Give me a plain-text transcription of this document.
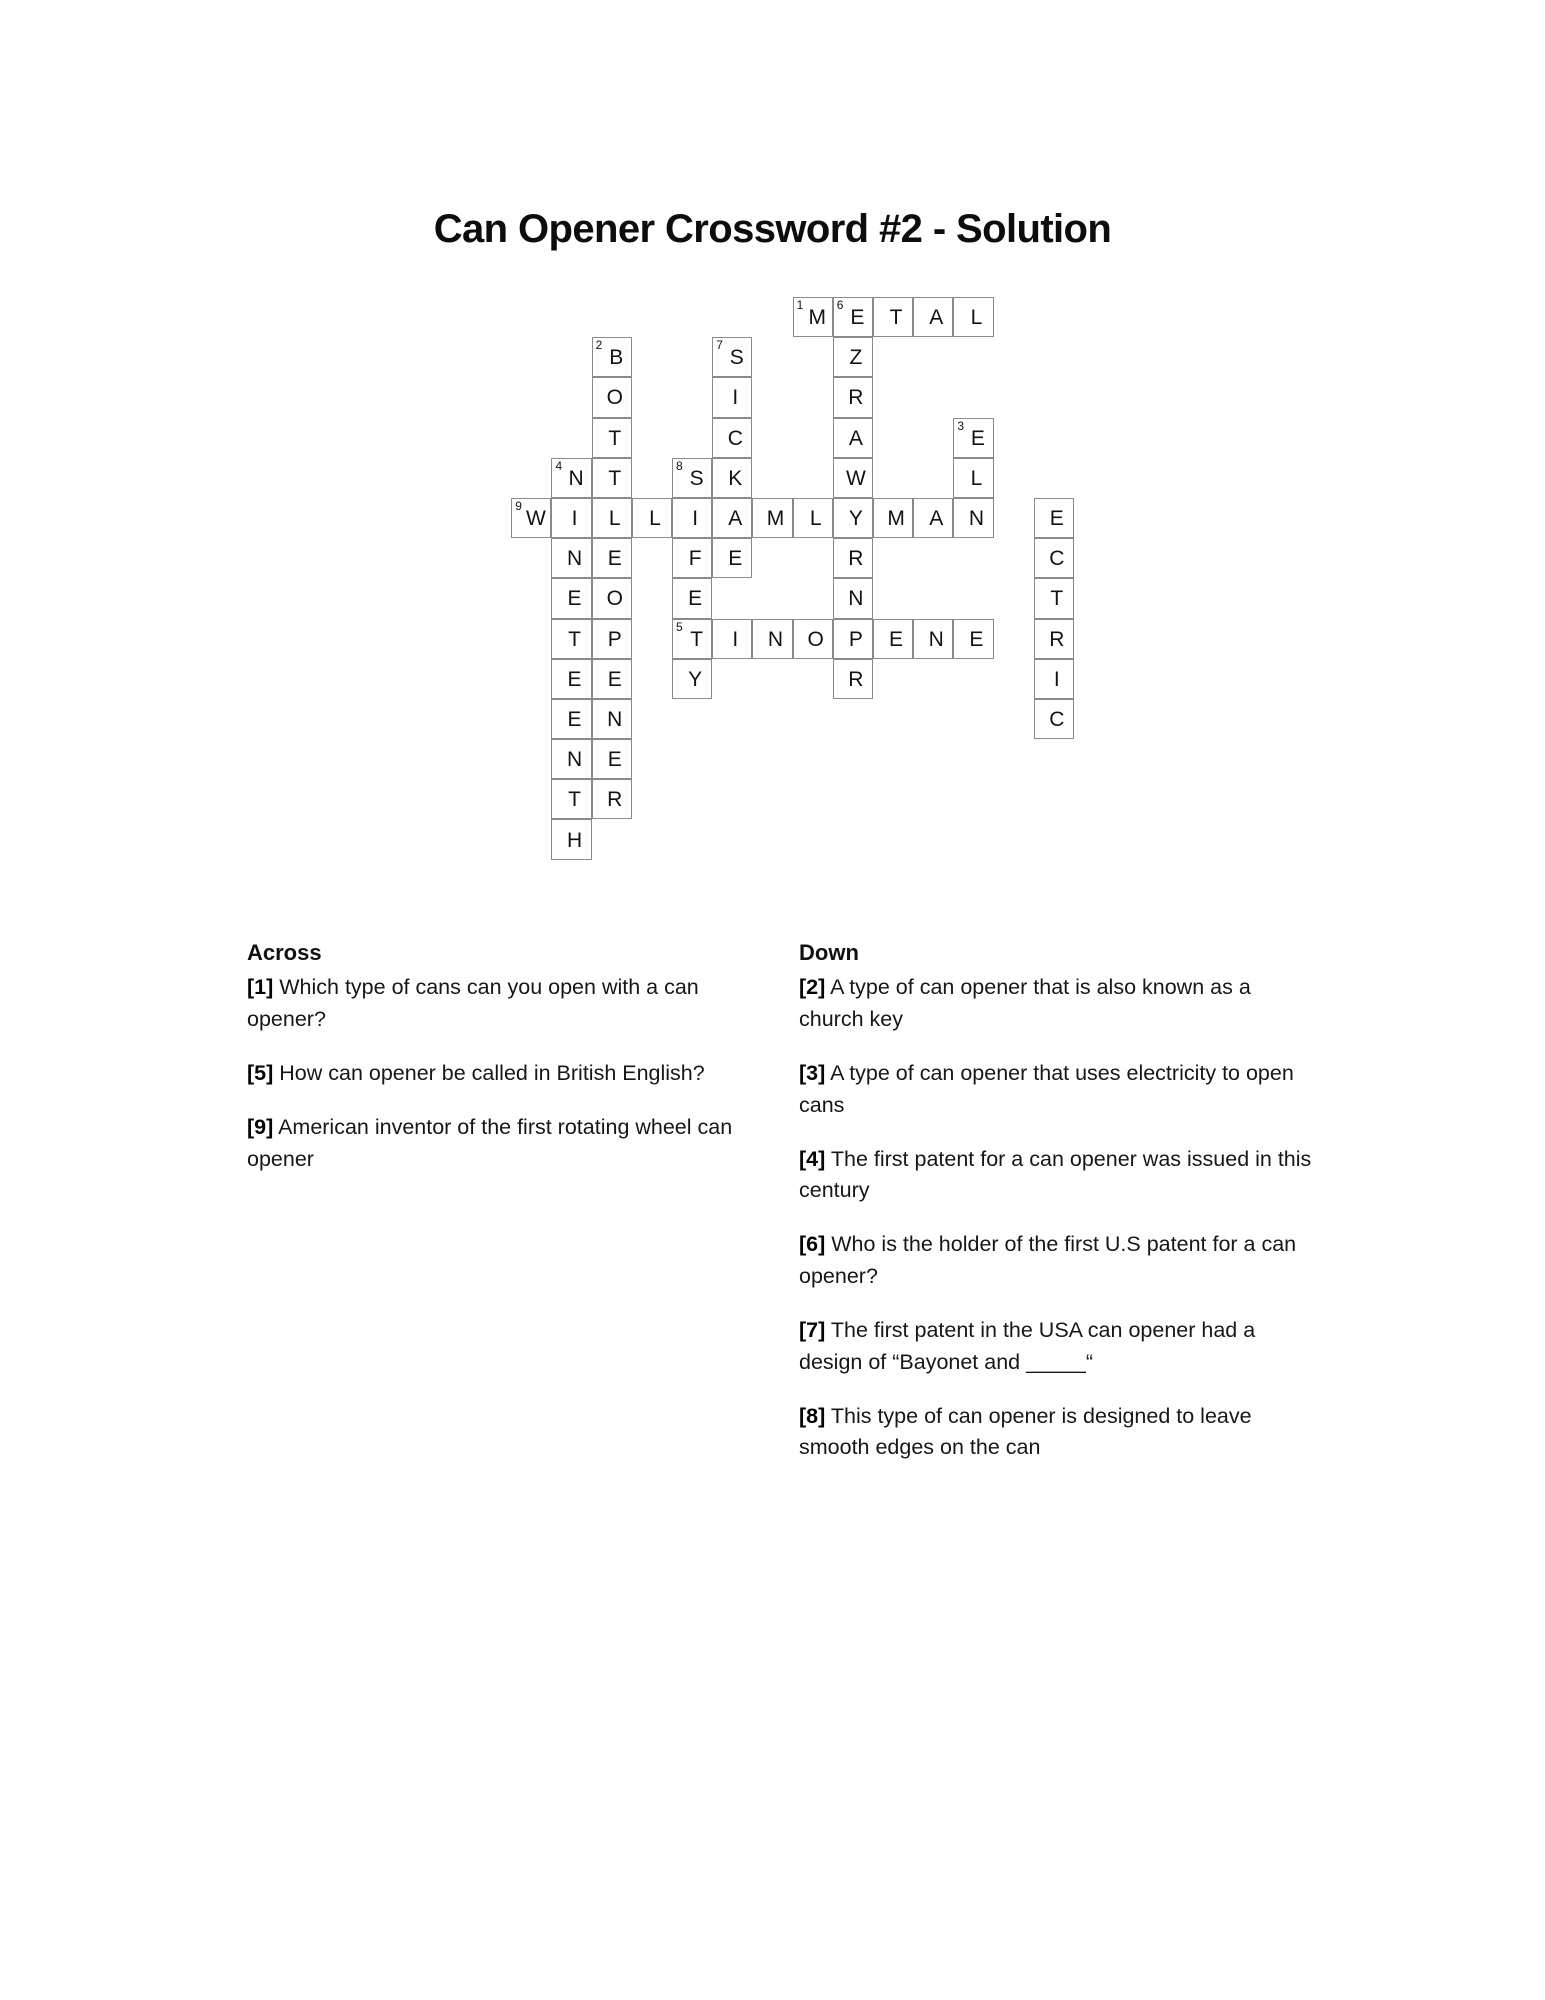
Can Opener Crossword #2 - Solution
1
M
6
E	T	A	L
2
B
7
S	Z
O	I	R
T	C	A
3
E
4
N	T
8
S	K	W	L
9
W	I	L	L	I	A	M	L	Y	M	A	N	E
N	E	F	E	R	C
E	O	E	N	T
T	P
5
T	I	N	O	P	E	N	E	R
E	E	Y	R	I
E	N	C
N	E
T	R
H
Across

[1] Which type of cans can you open with a can opener?

[5] How can opener be called in British English?

[9] American inventor of the first rotating wheel can opener

Down

[2] A type of can opener that is also known as a church key

[3] A type of can opener that uses electricity to open cans

[4] The first patent for a can opener was issued in this century

[6] Who is the holder of the first U.S patent for a can opener?

[7] The first patent in the USA can opener had a design of “Bayonet and _____“

[8] This type of can opener is designed to leave smooth edges on the can
